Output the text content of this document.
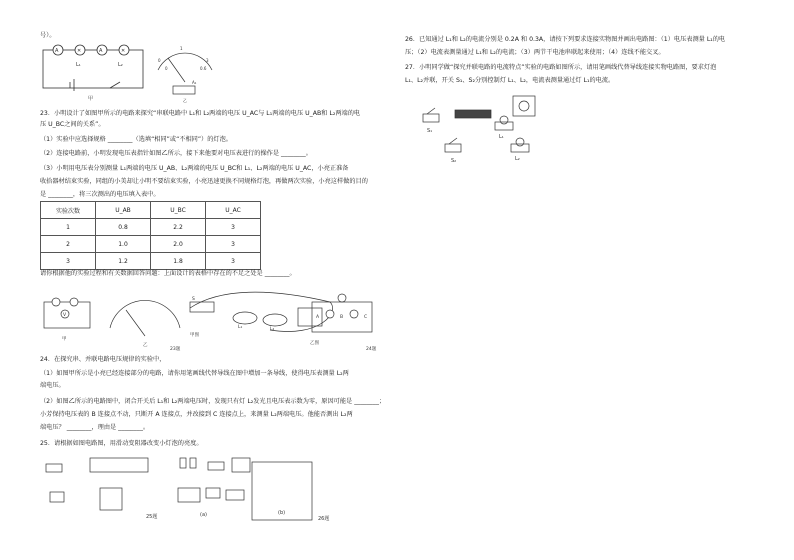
号）。
A	A
✕	✕
L₁	L₂
甲
0
1
3
0	0.6
A₁
乙
23．小明设计了如图甲所示的电路来探究“串联电路中 L₁和 L₂两端的电压 U_AC与 L₁两端的电压 U_AB和 L₂两端的电
压 U_BC之间的关系”。
（1）实验中应选择规格 ________（选填“相同”或“不相同”）的灯泡。
（2）连接电路前，小明发现电压表指针如图乙所示，接下来他要对电压表进行的操作是 ________。
（3）小明用电压表分别测量 L₁两端的电压 U_AB、L₂两端的电压 U_BC和 L₁、L₂两端的电压 U_AC，小亮正准备
收拾器材结束实验，同组的小美却让小明不要结束实验，小亮迅速更换不同规格灯泡，再做两次实验，小亮这样做的目的
是 ________，将三次测出的电压填入表中。
实验次数	U_AB	U_BC	U_AC
1	0.8	2.2	3
2	1.0	2.0	3
3	1.2	1.8	3
请你根据他的实验过程和有关数据回答问题：上面设计的表格中存在的不足之处是 ________。
V
甲
乙
甲图
L₁	L₂
S
A	B	C
乙图
23题	24题
24．在探究串、并联电路电压规律的实验中，
（1）如图甲所示是小亮已经连接部分的电路，请你用笔画线代替导线在图中增加一条导线，使得电压表测量 L₂两
端电压。
（2）如图乙所示的电路图中，闭合开关后 L₁和 L₂两端电压时，发现只有灯 L₂发光且电压表示数为零，原因可能是 ________；
小芳保持电压表的 B 连接点不动，只断开 A 连接点，并改接到 C 连接点上，来测量 L₂两端电压。他能否测出 L₂两
端电压？ ________，理由是 ________。
25．请根据如图电路图，用滑动变阻器改变小灯泡的亮度。
25题	(a)	(b)
26题
26．已知通过 L₁和 L₂的电流分别是 0.2A 和 0.3A，请按下列要求连接实物图并画出电路图：（1）电压表测量 L₁的电
压；（2）电流表测量通过 L₁和 L₂的电流；（3）两节干电池串联起来使用；（4）连线不能交叉。
27．小明同学做“探究并联电路的电流特点”实验的电路如图所示，请用笔画线代替导线连接实物电路图，要求灯泡
L₁、L₂并联，开关 S₁、S₂分别控制灯 L₁、L₂，电流表测量通过灯 L₁的电流。
S₁
S₂
L₁
L₂
